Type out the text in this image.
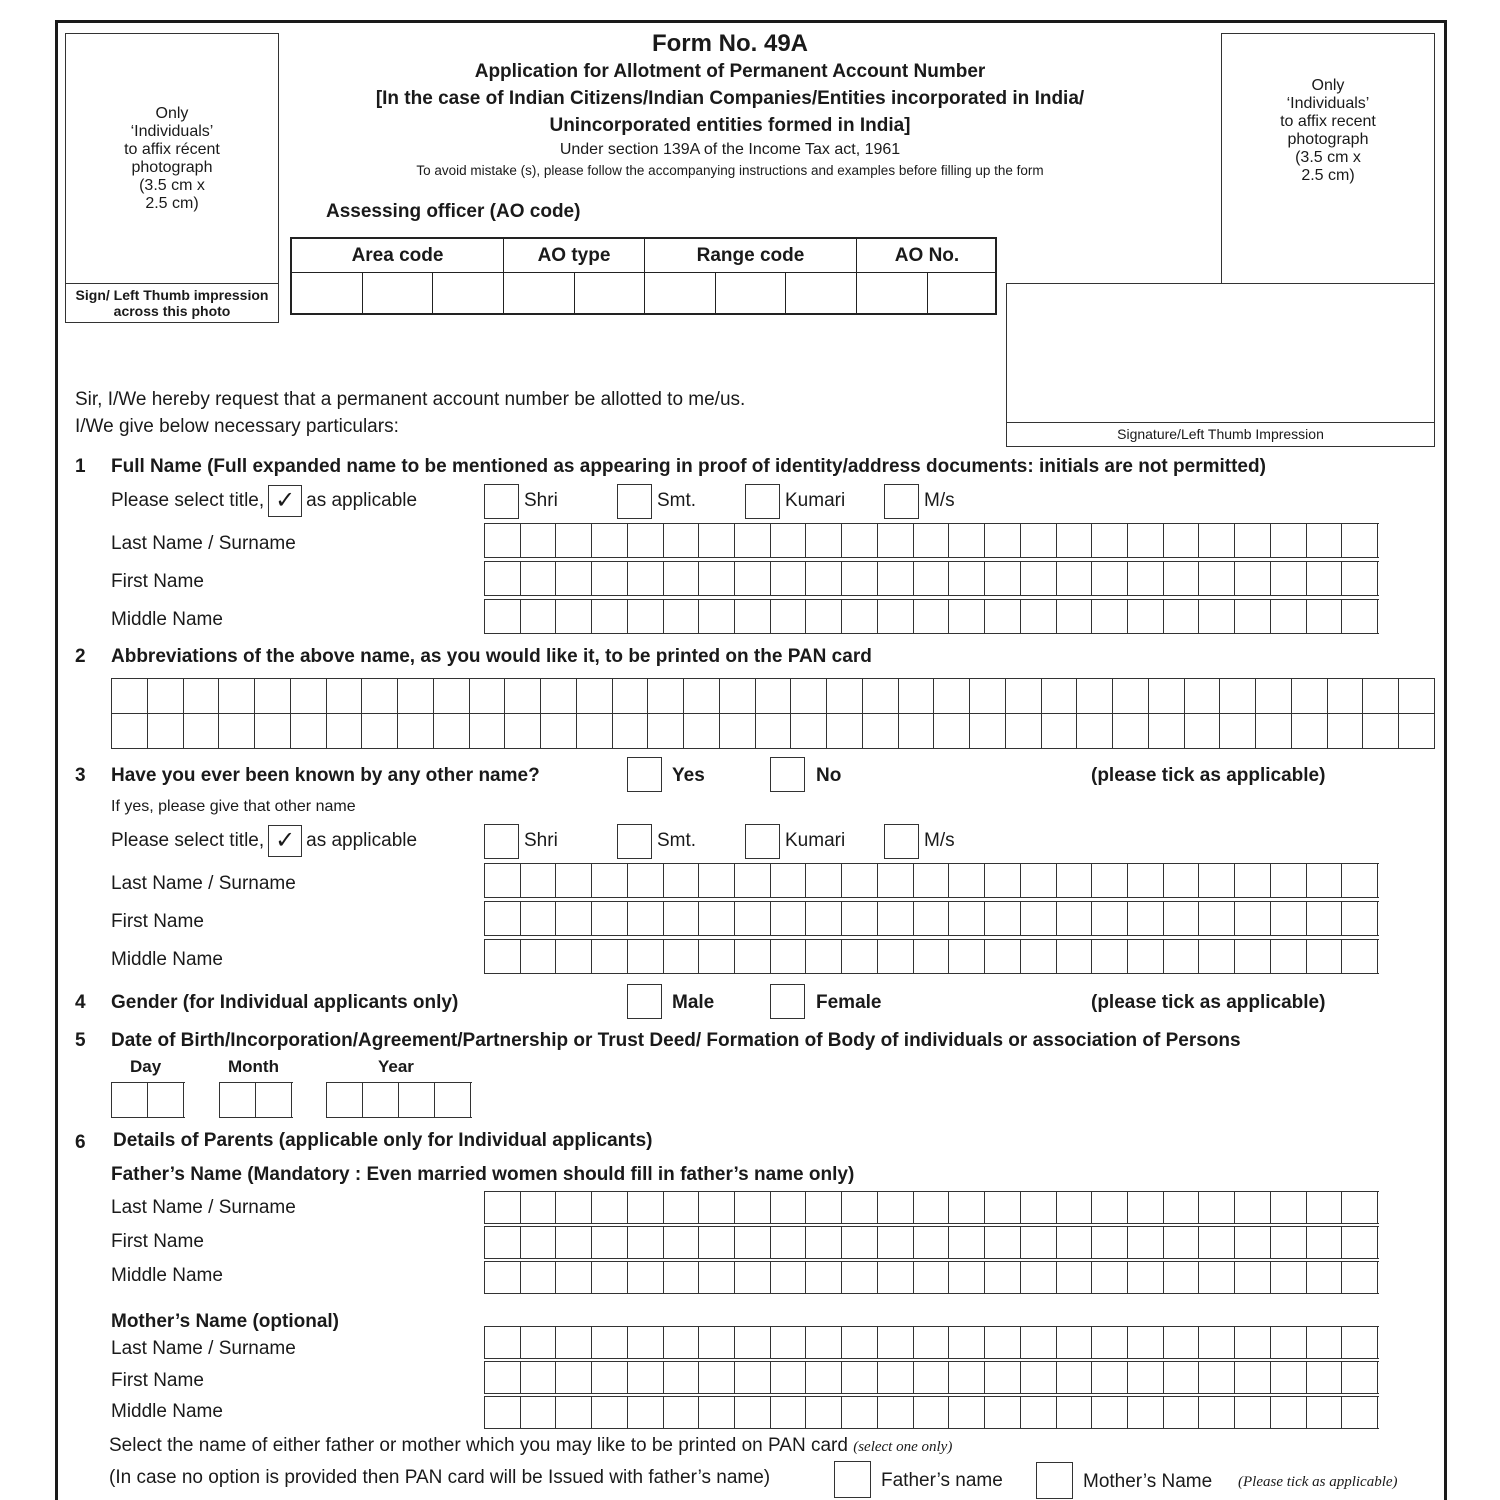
Only
‘Individuals’
to affix récent
photograph
(3.5 cm x
2.5 cm)
Sign/ Left Thumb impression
across this photo
Only
‘Individuals’
to affix recent
photograph
(3.5 cm x
2.5 cm)
Signature/Left Thumb Impression
Form No. 49A
Application for Allotment of Permanent Account Number
[In the case of Indian Citizens/Indian Companies/Entities incorporated in India/
Unincorporated entities formed in India]
Under section 139A of the Income Tax act, 1961
To avoid mistake (s), please follow the accompanying instructions and examples before filling up the form
Assessing officer (AO code)
Area code	AO type	Range code	AO No.
Sir, I/We hereby request that a permanent account number be allotted to me/us.
I/We give below necessary particulars:
1 Full Name (Full expanded name to be mentioned as appearing in proof of identity/address documents: initials are not permitted)
Please select title, ✓ as applicable	Shri	Smt.	Kumari	M/s
Last Name / Surname
First Name
Middle Name
2 Abbreviations of the above name, as you would like it, to be printed on the PAN card
3 Have you ever been known by any other name?	Yes	No	(please tick as applicable)
If yes, please give that other name
Please select title, ✓ as applicable	Shri	Smt.	Kumari	M/s
Last Name / Surname
First Name
Middle Name
4 Gender (for Individual applicants only)	Male	Female	(please tick as applicable)
5 Date of Birth/Incorporation/Agreement/Partnership or Trust Deed/ Formation of Body of individuals or association of Persons
Day	Month	Year
6 Details of Parents (applicable only for Individual applicants)
Father’s Name (Mandatory : Even married women should fill in father’s name only)
Last Name / Surname
First Name
Middle Name
Mother’s Name (optional)
Last Name / Surname
First Name
Middle Name
Select the name of either father or mother which you may like to be printed on PAN card (select one only)
(In case no option is provided then PAN card will be Issued with father’s name)	Father’s name	Mother’s Name (Please tick as applicable)
